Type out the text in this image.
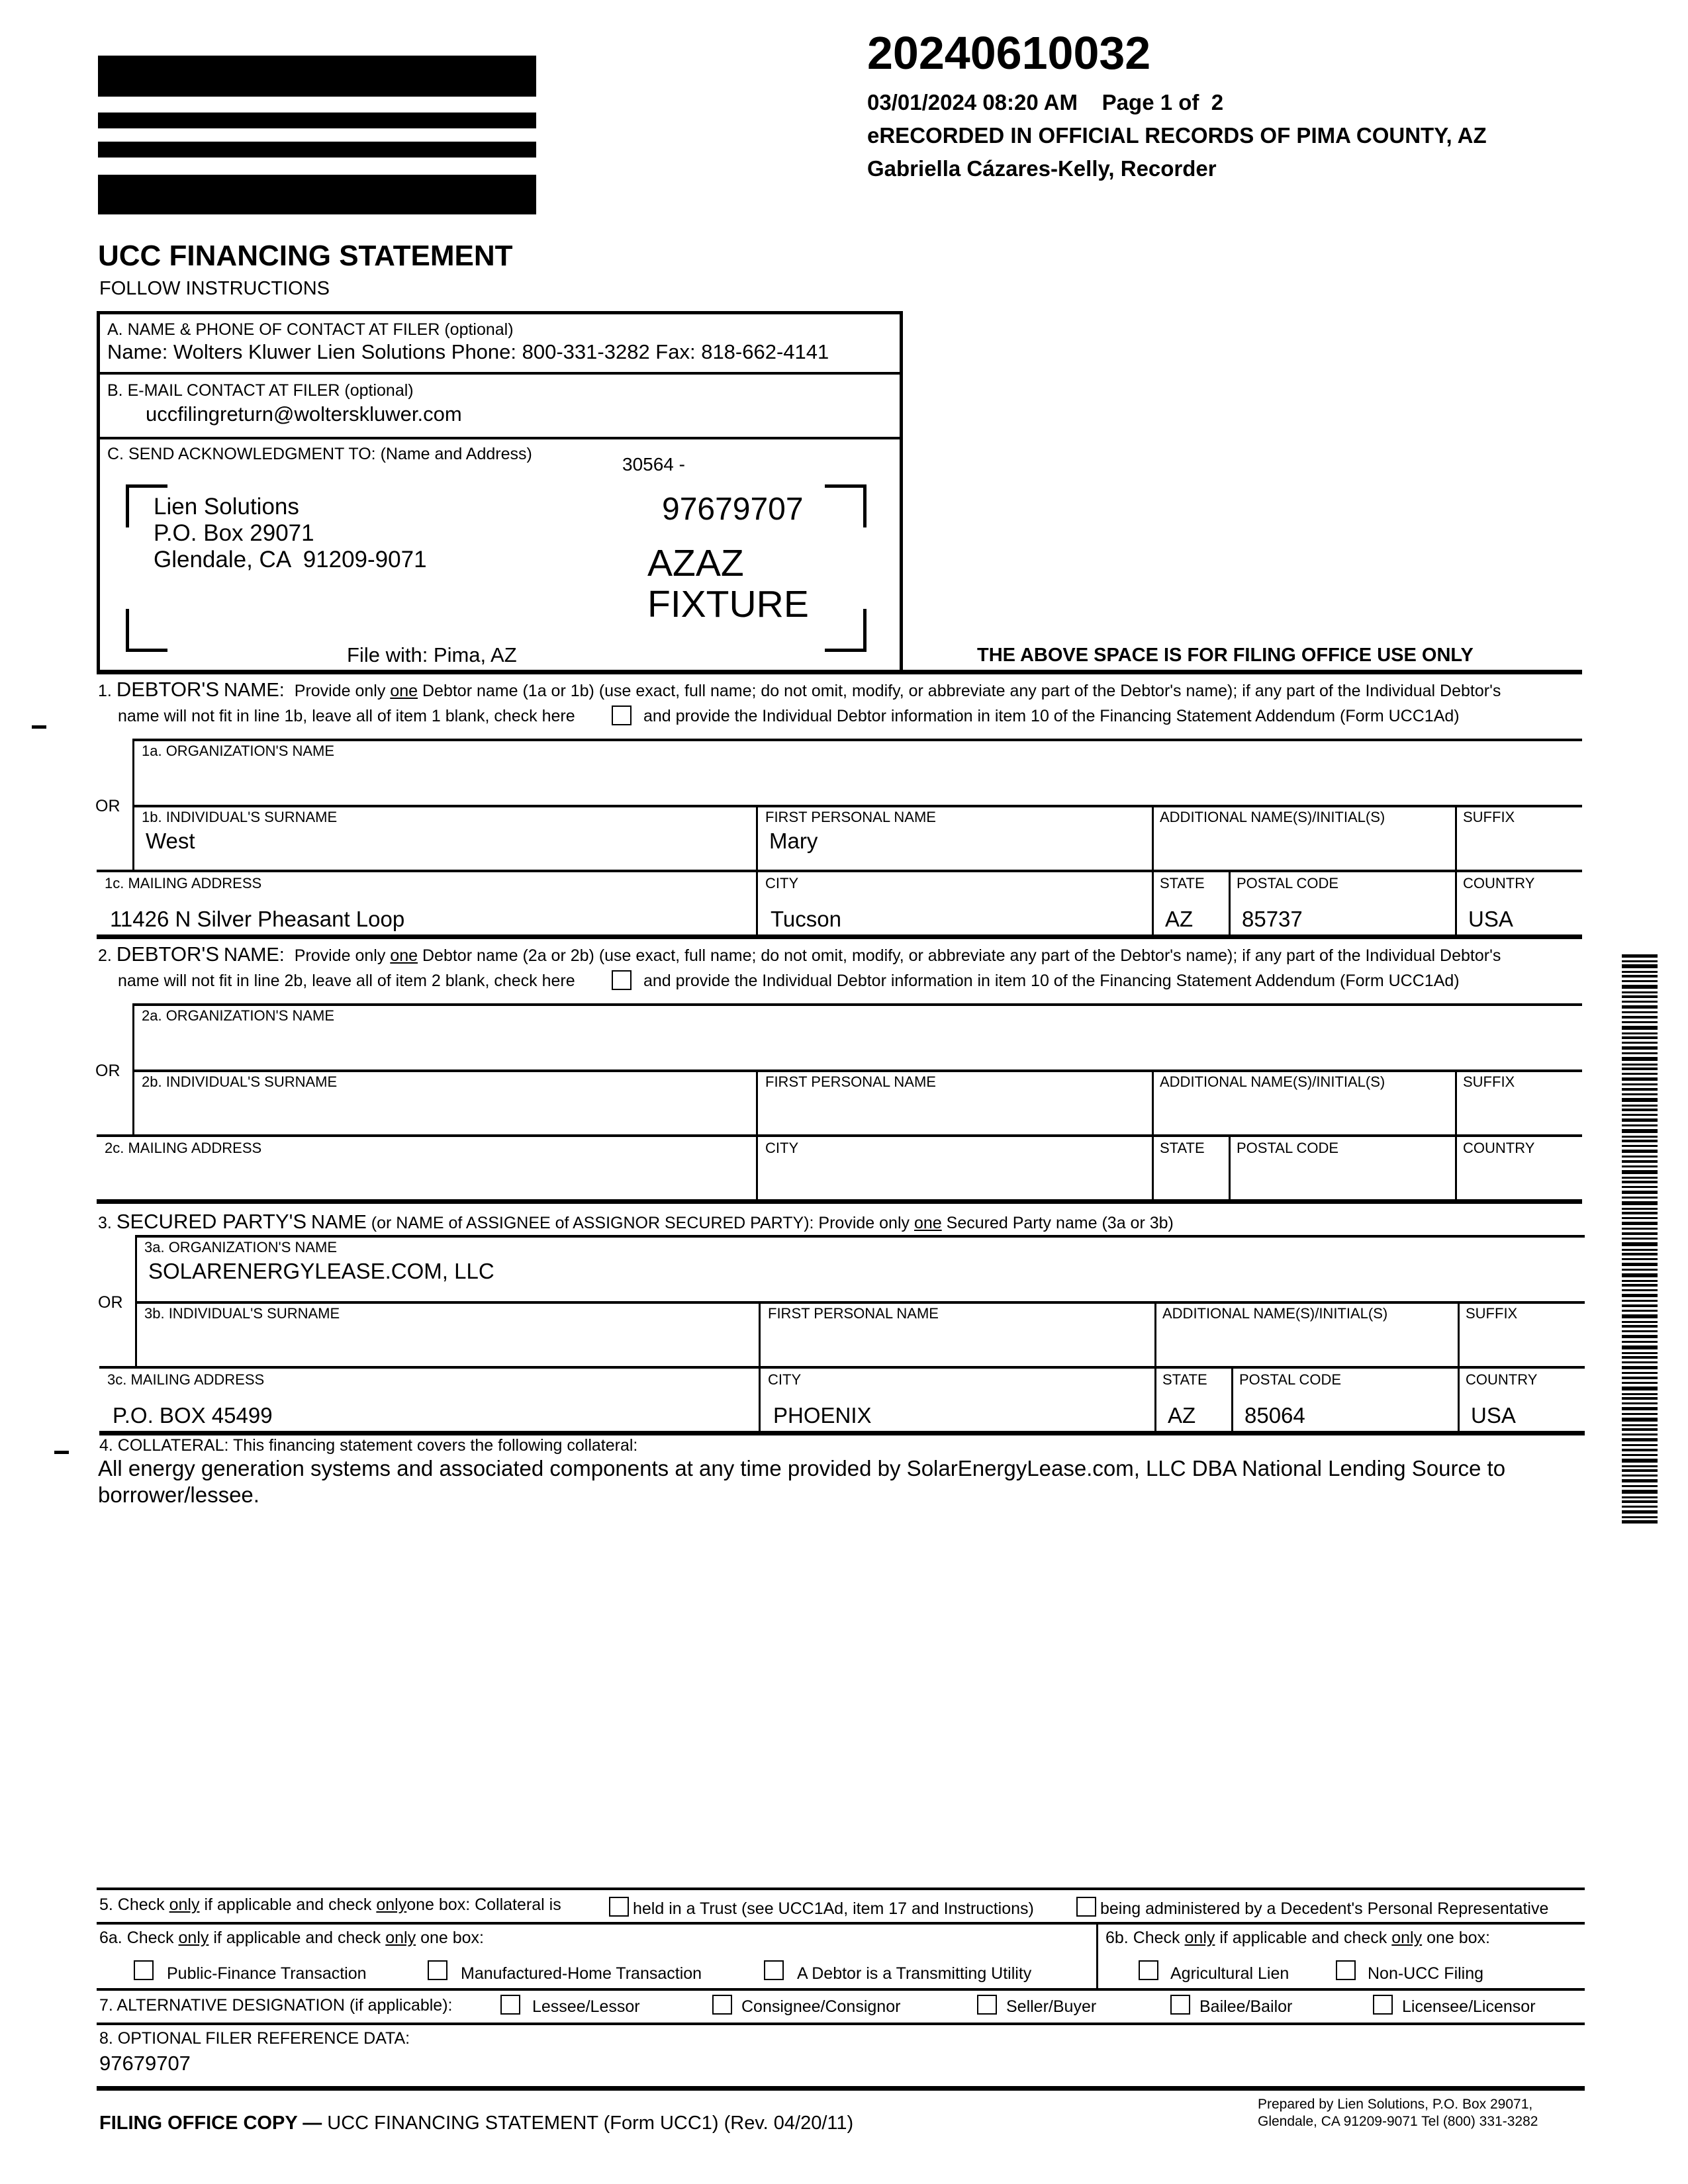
20240610032
03/01/2024 08:20 AM    Page 1 of  2
eRECORDED IN OFFICIAL RECORDS OF PIMA COUNTY, AZ
Gabriella Cázares-Kelly, Recorder
UCC FINANCING STATEMENT
FOLLOW INSTRUCTIONS
A. NAME & PHONE OF CONTACT AT FILER (optional)
Name: Wolters Kluwer Lien Solutions Phone: 800-331-3282 Fax: 818-662-4141
B. E-MAIL CONTACT AT FILER (optional)
uccfilingreturn@wolterskluwer.com
C. SEND ACKNOWLEDGMENT TO: (Name and Address)	30564 -
Lien Solutions
P.O. Box 29071
Glendale, CA  91209-9071
97679707
AZAZ
FIXTURE
File with: Pima, AZ	THE ABOVE SPACE IS FOR FILING OFFICE USE ONLY
1. DEBTOR'S NAME: Provide only one Debtor name (1a or 1b) (use exact, full name; do not omit, modify, or abbreviate any part of the Debtor's name); if any part of the Individual Debtor's
name will not fit in line 1b, leave all of item 1 blank, check here	and provide the Individual Debtor information in item 10 of the Financing Statement Addendum (Form UCC1Ad)
1a. ORGANIZATION'S NAME
OR
1b. INDIVIDUAL'S SURNAME
West
FIRST PERSONAL NAME
Mary
ADDITIONAL NAME(S)/INITIAL(S)	SUFFIX
1c. MAILING ADDRESS
11426 N Silver Pheasant Loop
CITY
Tucson
STATE
AZ
POSTAL CODE
85737
COUNTRY
USA
2. DEBTOR'S NAME: Provide only one Debtor name (2a or 2b) (use exact, full name; do not omit, modify, or abbreviate any part of the Debtor's name); if any part of the Individual Debtor's
name will not fit in line 2b, leave all of item 2 blank, check here	and provide the Individual Debtor information in item 10 of the Financing Statement Addendum (Form UCC1Ad)
2a. ORGANIZATION'S NAME
OR
2b. INDIVIDUAL'S SURNAME	FIRST PERSONAL NAME	ADDITIONAL NAME(S)/INITIAL(S)	SUFFIX
2c. MAILING ADDRESS	CITY	STATE POSTAL CODE	COUNTRY
3. SECURED PARTY'S NAME (or NAME of ASSIGNEE of ASSIGNOR SECURED PARTY): Provide only one Secured Party name (3a or 3b)
3a. ORGANIZATION'S NAME
SOLARENERGYLEASE.COM, LLC
OR
3b. INDIVIDUAL'S SURNAME	FIRST PERSONAL NAME	ADDITIONAL NAME(S)/INITIAL(S)	SUFFIX
3c. MAILING ADDRESS
P.O. BOX 45499
CITY
PHOENIX
STATE
AZ
POSTAL CODE
85064
COUNTRY
USA
4. COLLATERAL: This financing statement covers the following collateral:
All energy generation systems and associated components at any time provided by SolarEnergyLease.com, LLC DBA National Lending Source to
borrower/lessee.
5. Check only if applicable and check onlyone box: Collateral is	held in a Trust (see UCC1Ad, item 17 and Instructions)	being administered by a Decedent's Personal Representative
6a. Check only if applicable and check only one box:	6b. Check only if applicable and check only one box:
Public-Finance Transaction	Manufactured-Home Transaction	A Debtor is a Transmitting Utility	Agricultural Lien	Non-UCC Filing
7. ALTERNATIVE DESIGNATION (if applicable):	Lessee/Lessor	Consignee/Consignor	Seller/Buyer	Bailee/Bailor	Licensee/Licensor
8. OPTIONAL FILER REFERENCE DATA:
97679707
FILING OFFICE COPY — UCC FINANCING STATEMENT (Form UCC1) (Rev. 04/20/11)
Prepared by Lien Solutions, P.O. Box 29071,
Glendale, CA 91209-9071 Tel (800) 331-3282
